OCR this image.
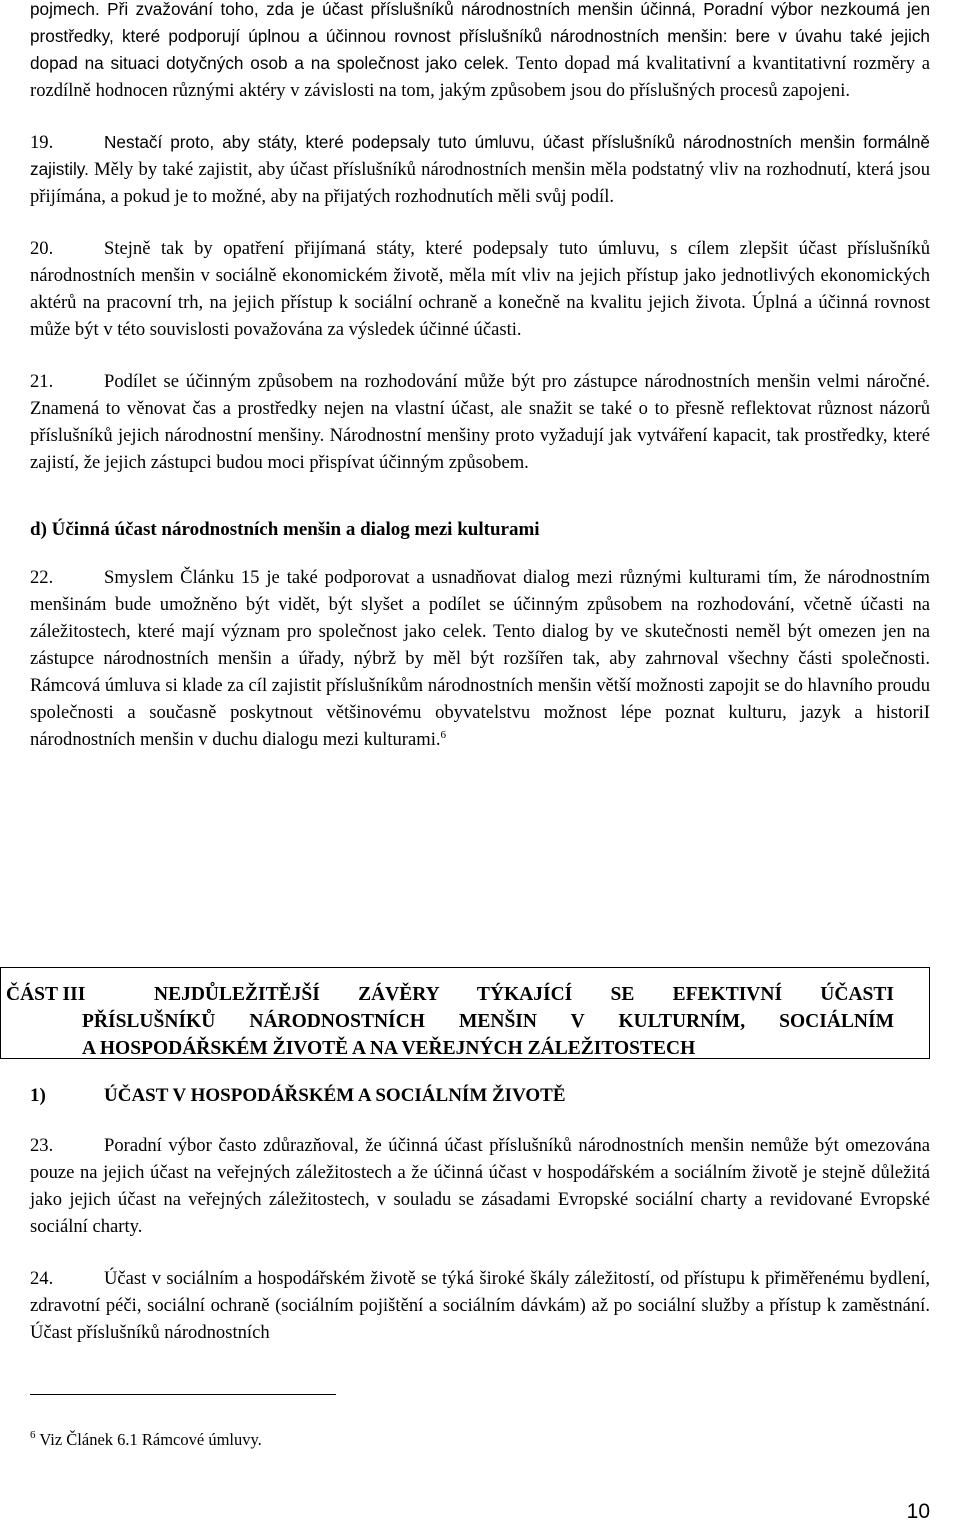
pojmech. Při zvažování toho, zda je účast příslušníků národnostních menšin účinná, Poradní výbor nezkoumá jen prostředky, které podporují úplnou a účinnou rovnost příslušníků národnostních menšin: bere v úvahu také jejich dopad na situaci dotyčných osob a na společnost jako celek. Tento dopad má kvalitativní a kvantitativní rozměry a rozdílně hodnocen různými aktéry v závislosti na tom, jakým způsobem jsou do příslušných procesů zapojeni.

19.	Nestačí proto, aby státy, které podepsaly tuto úmluvu, účast příslušníků národnostních menšin formálně zajistily. Měly by také zajistit, aby účast příslušníků národnostních menšin měla podstatný vliv na rozhodnutí, která jsou přijímána, a pokud je to možné, aby na přijatých rozhodnutích měli svůj podíl.

20.	Stejně tak by opatření přijímaná státy, které podepsaly tuto úmluvu, s cílem zlepšit účast příslušníků národnostních menšin v sociálně ekonomickém životě, měla mít vliv na jejich přístup jako jednotlivých ekonomických aktérů na pracovní trh, na jejich přístup k sociální ochraně a konečně na kvalitu jejich života. Úplná a účinná rovnost může být v této souvislosti považována za výsledek účinné účasti.

21.	Podílet se účinným způsobem na rozhodování může být pro zástupce národnostních menšin velmi náročné. Znamená to věnovat čas a prostředky nejen na vlastní účast, ale snažit se také o to přesně reflektovat různost názorů příslušníků jejich národnostní menšiny. Národnostní menšiny proto vyžadují jak vytváření kapacit, tak prostředky, které zajistí, že jejich zástupci budou moci přispívat účinným způsobem.

d) Účinná účast národnostních menšin a dialog mezi kulturami

22.	Smyslem Článku 15 je také podporovat a usnadňovat dialog mezi různými kulturami tím, že národnostním menšinám bude umožněno být vidět, být slyšet a podílet se účinným způsobem na rozhodování, včetně účasti na záležitostech, které mají význam pro společnost jako celek. Tento dialog by ve skutečnosti neměl být omezen jen na zástupce národnostních menšin a úřady, nýbrž by měl být rozšířen tak, aby zahrnoval všechny části společnosti. Rámcová úmluva si klade za cíl zajistit příslušníkům národnostních menšin větší možnosti zapojit se do hlavního proudu společnosti a současně poskytnout většinovému obyvatelstvu možnost lépe poznat kulturu, jazyk a historiI národnostních menšin v duchu dialogu mezi kulturami.$^6$

ČÁST III	NEJDŮLEŽITĚJŠÍ ZÁVĚRY TÝKAJÍCÍ SE EFEKTIVNÍ ÚČASTI
PŘÍSLUŠNÍKŮ NÁRODNOSTNÍCH MENŠIN V KULTURNÍM, SOCIÁLNÍM
A HOSPODÁŘSKÉM ŽIVOTĚ A NA VEŘEJNÝCH ZÁLEŽITOSTECH

1)	ÚČAST V HOSPODÁŘSKÉM A SOCIÁLNÍM ŽIVOTĚ

23.	Poradní výbor často zdůrazňoval, že účinná účast příslušníků národnostních menšin nemůže být omezována pouze na jejich účast na veřejných záležitostech a že účinná účast v hospodářském a sociálním životě je stejně důležitá jako jejich účast na veřejných záležitostech, v souladu se zásadami Evropské sociální charty a revidované Evropské sociální charty.

24.	Účast v sociálním a hospodářském životě se týká široké škály záležitostí, od přístupu k přiměřenému bydlení, zdravotní péči, sociální ochraně (sociálním pojištění a sociálním dávkám) až po sociální služby a přístup k zaměstnání. Účast příslušníků národnostních

$^6$ Viz Článek 6.1 Rámcové úmluvy.
10
